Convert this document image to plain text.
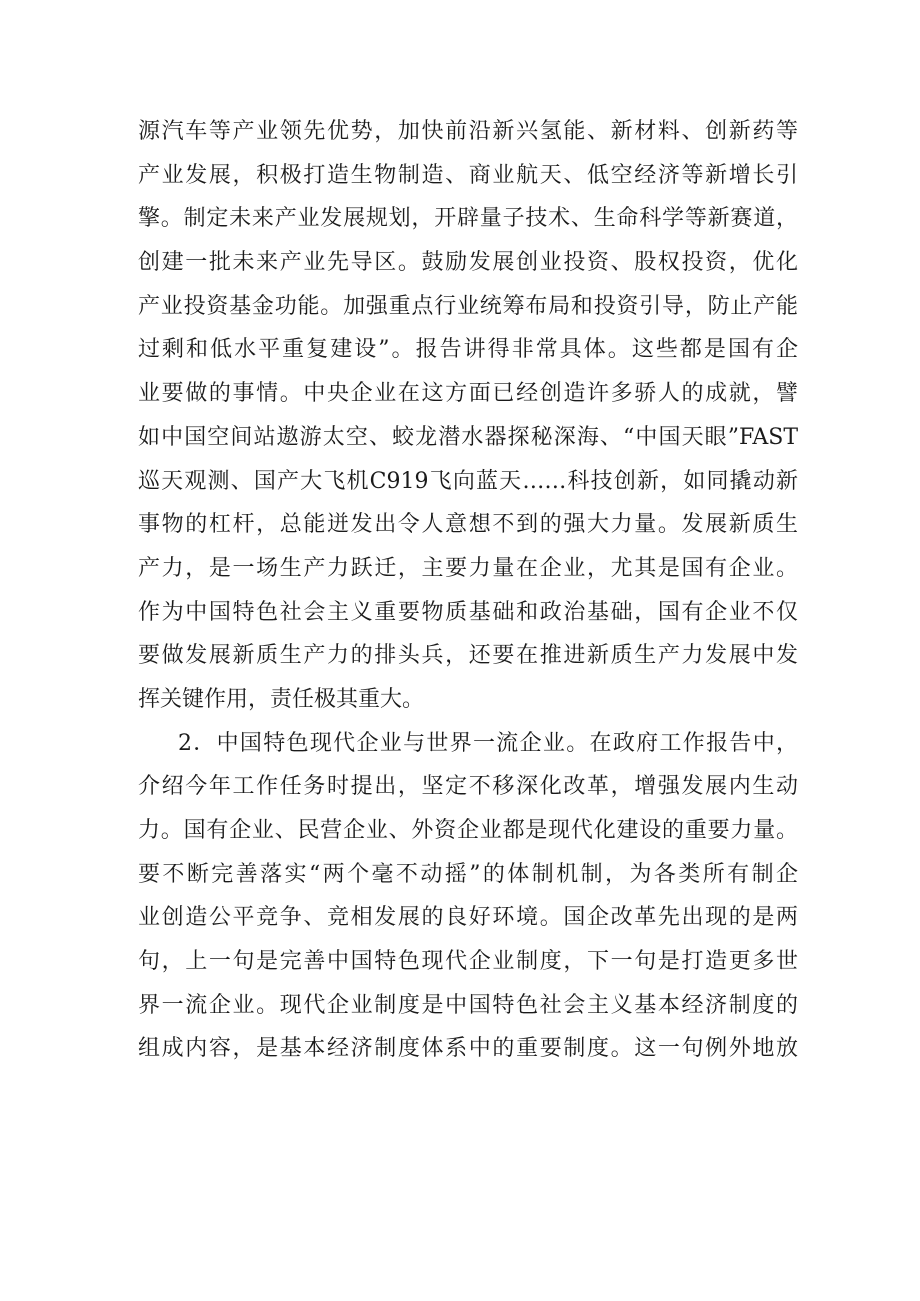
源汽车等产业领先优势，加快前沿新兴氢能、新材料、创新药等
产业发展，积极打造生物制造、商业航天、低空经济等新增长引
擎。制定未来产业发展规划，开辟量子技术、生命科学等新赛道，
创建一批未来产业先导区。鼓励发展创业投资、股权投资，优化
产业投资基金功能。加强重点行业统筹布局和投资引导，防止产能
过剩和低水平重复建设”。报告讲得非常具体。这些都是国有企
业要做的事情。中央企业在这方面已经创造许多骄人的成就，譬
如中国空间站遨游太空、蛟龙潜水器探秘深海、“中国天眼”FAST
巡天观测、国产大飞机C919飞向蓝天……科技创新，如同撬动新
事物的杠杆，总能迸发出令人意想不到的强大力量。发展新质生
产力，是一场生产力跃迁，主要力量在企业，尤其是国有企业。
作为中国特色社会主义重要物质基础和政治基础，国有企业不仅
要做发展新质生产力的排头兵，还要在推进新质生产力发展中发
挥关键作用，责任极其重大。
2．中国特色现代企业与世界一流企业。在政府工作报告中，
介绍今年工作任务时提出，坚定不移深化改革，增强发展内生动
力。国有企业、民营企业、外资企业都是现代化建设的重要力量。
要不断完善落实“两个毫不动摇”的体制机制，为各类所有制企
业创造公平竞争、竞相发展的良好环境。国企改革先出现的是两
句，上一句是完善中国特色现代企业制度，下一句是打造更多世
界一流企业。现代企业制度是中国特色社会主义基本经济制度的
组成内容，是基本经济制度体系中的重要制度。这一句例外地放
